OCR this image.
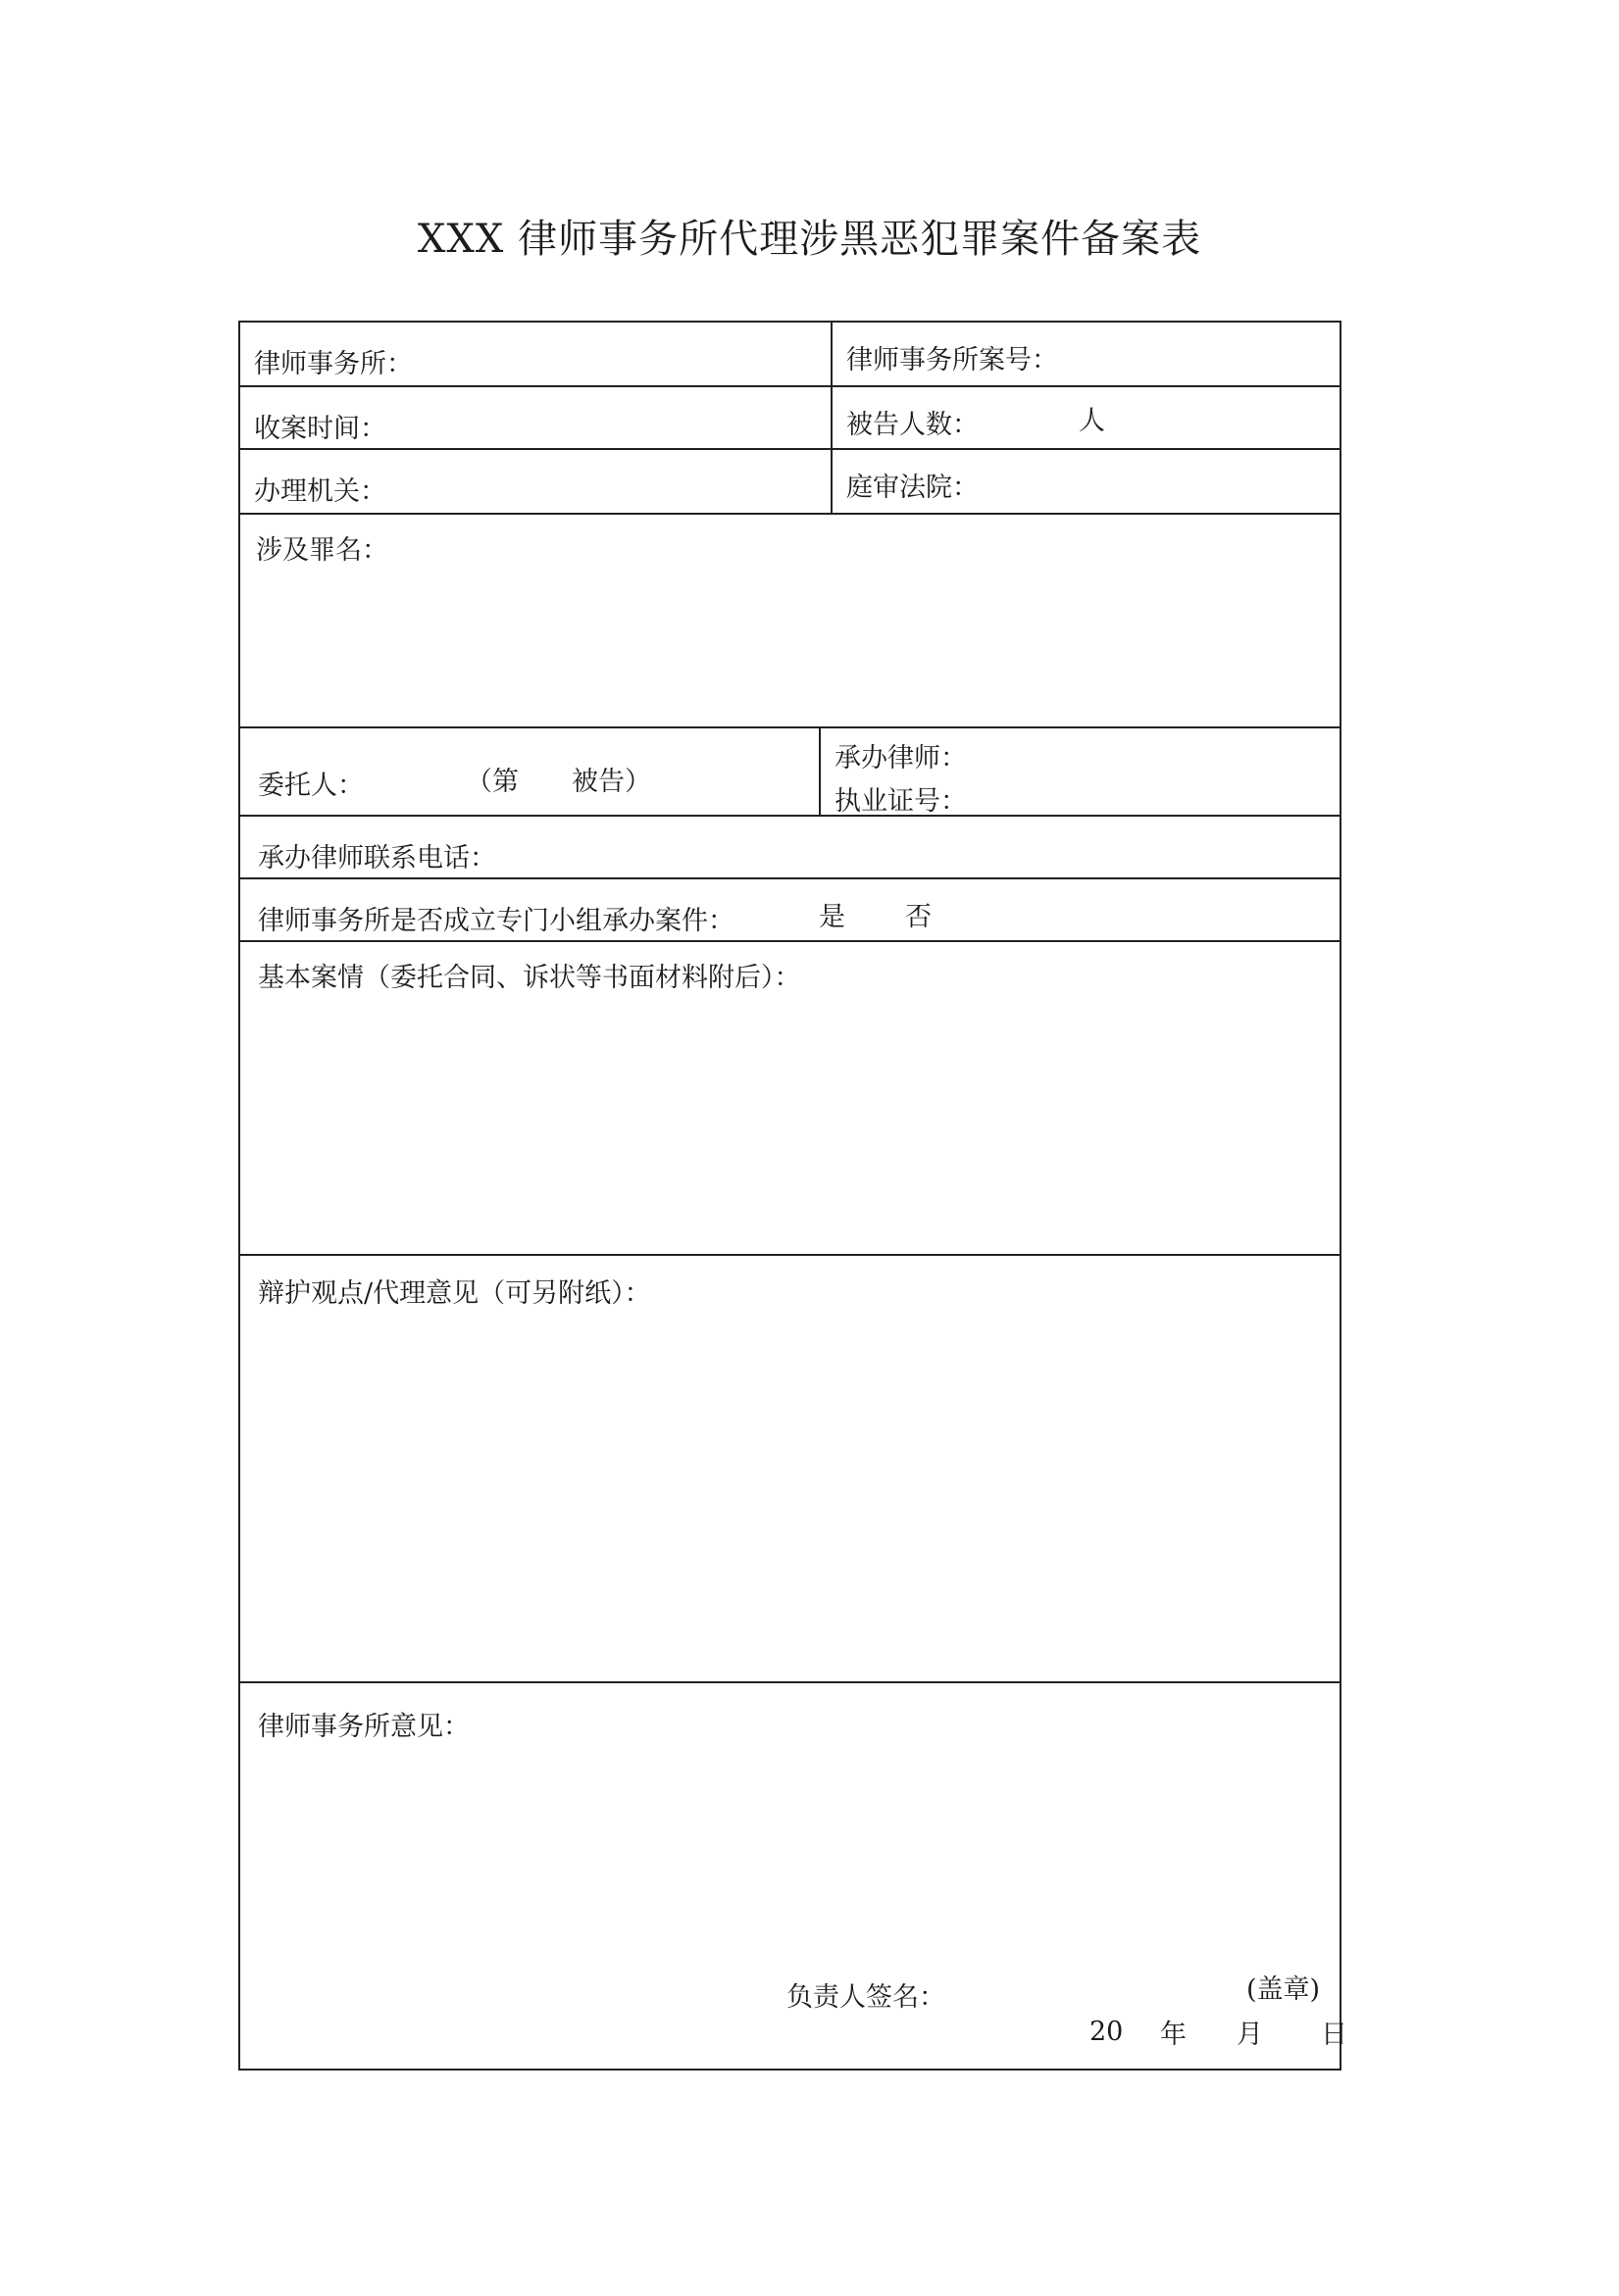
XXX 律师事务所代理涉黑恶犯罪案件备案表
律师事务所：	律师事务所案号：
收案时间：	被告人数：	人
办理机关：	庭审法院：
涉及罪名：
委托人：	（第 被告）
承办律师：
执业证号：
承办律师联系电话：
律师事务所是否成立专门小组承办案件：	是 否
基本案情（委托合同、诉状等书面材料附后）：
辩护观点/代理意见（可另附纸）：
律师事务所意见：
负责人签名：	(盖章)
20 年 月 日
